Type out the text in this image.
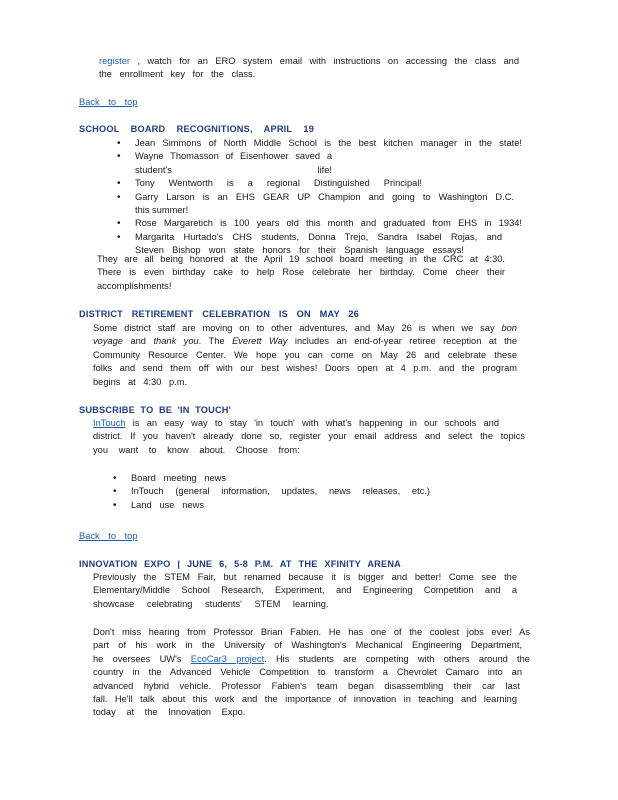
register , watch for an ERO system email with instructions on accessing the class and

the enrollment key for the class.

Back to top
SCHOOL BOARD RECOGNITIONS, APRIL 19
• Jean Simmons of North Middle School is the best kitchen manager in the state!

• Wayne Thomasson of Eisenhower saved a student's life!

• Tony Wentworth is a regional Distinguished Principal!

• Garry Larson is an EHS GEAR UP Champion and going to Washington D.C.

this summer!

• Rose Margaretich is 100 years old this month and graduated from EHS in 1934!

• Margarita Hurtado's CHS students, Donna Trejo, Sandra Isabel Rojas, and

Steven Bishop won state honors for their Spanish language essays!

They are all being honored at the April 19 school board meeting in the CRC at 4:30.

There is even birthday cake to help Rose celebrate her birthday. Come cheer their

accomplishments!

DISTRICT RETIREMENT CELEBRATION IS ON MAY 26

Some district staff are moving on to other adventures, and May 26 is when we say bon

voyage and thank you. The Everett Way includes an end-of-year retiree reception at the

Community Resource Center. We hope you can come on May 26 and celebrate these

folks and send them off with our best wishes! Doors open at 4 p.m. and the program

begins at 4:30 p.m.

SUBSCRIBE TO BE 'IN TOUCH'

InTouch is an easy way to stay 'in touch' with what's happening in our schools and

district. If you haven't already done so, register your email address and select the topics

you want to know about. Choose from:

• Board meeting news

• InTouch (general information, updates, news releases, etc.)

• Land use news

Back to top
INNOVATION EXPO | JUNE 6, 5-8 P.M. AT THE XFINITY ARENA

Previously the STEM Fair, but renamed because it is bigger and better! Come see the

Elementary/Middle School Research, Experiment, and Engineering Competition and a

showcase celebrating students' STEM learning.

Don't miss hearing from Professor Brian Fabien. He has one of the coolest jobs ever! As

part of his work in the University of Washington's Mechanical Engineering Department,

he oversees UW's EcoCar3 project. His students are competing with others around the

country in the Advanced Vehicle Competition to transform a Chevrolet Camaro into an

advanced hybrid vehicle. Professor Fabien's team began disassembling their car last

fall. He'll talk about this work and the importance of innovation in teaching and learning

today at the Innovation Expo.
